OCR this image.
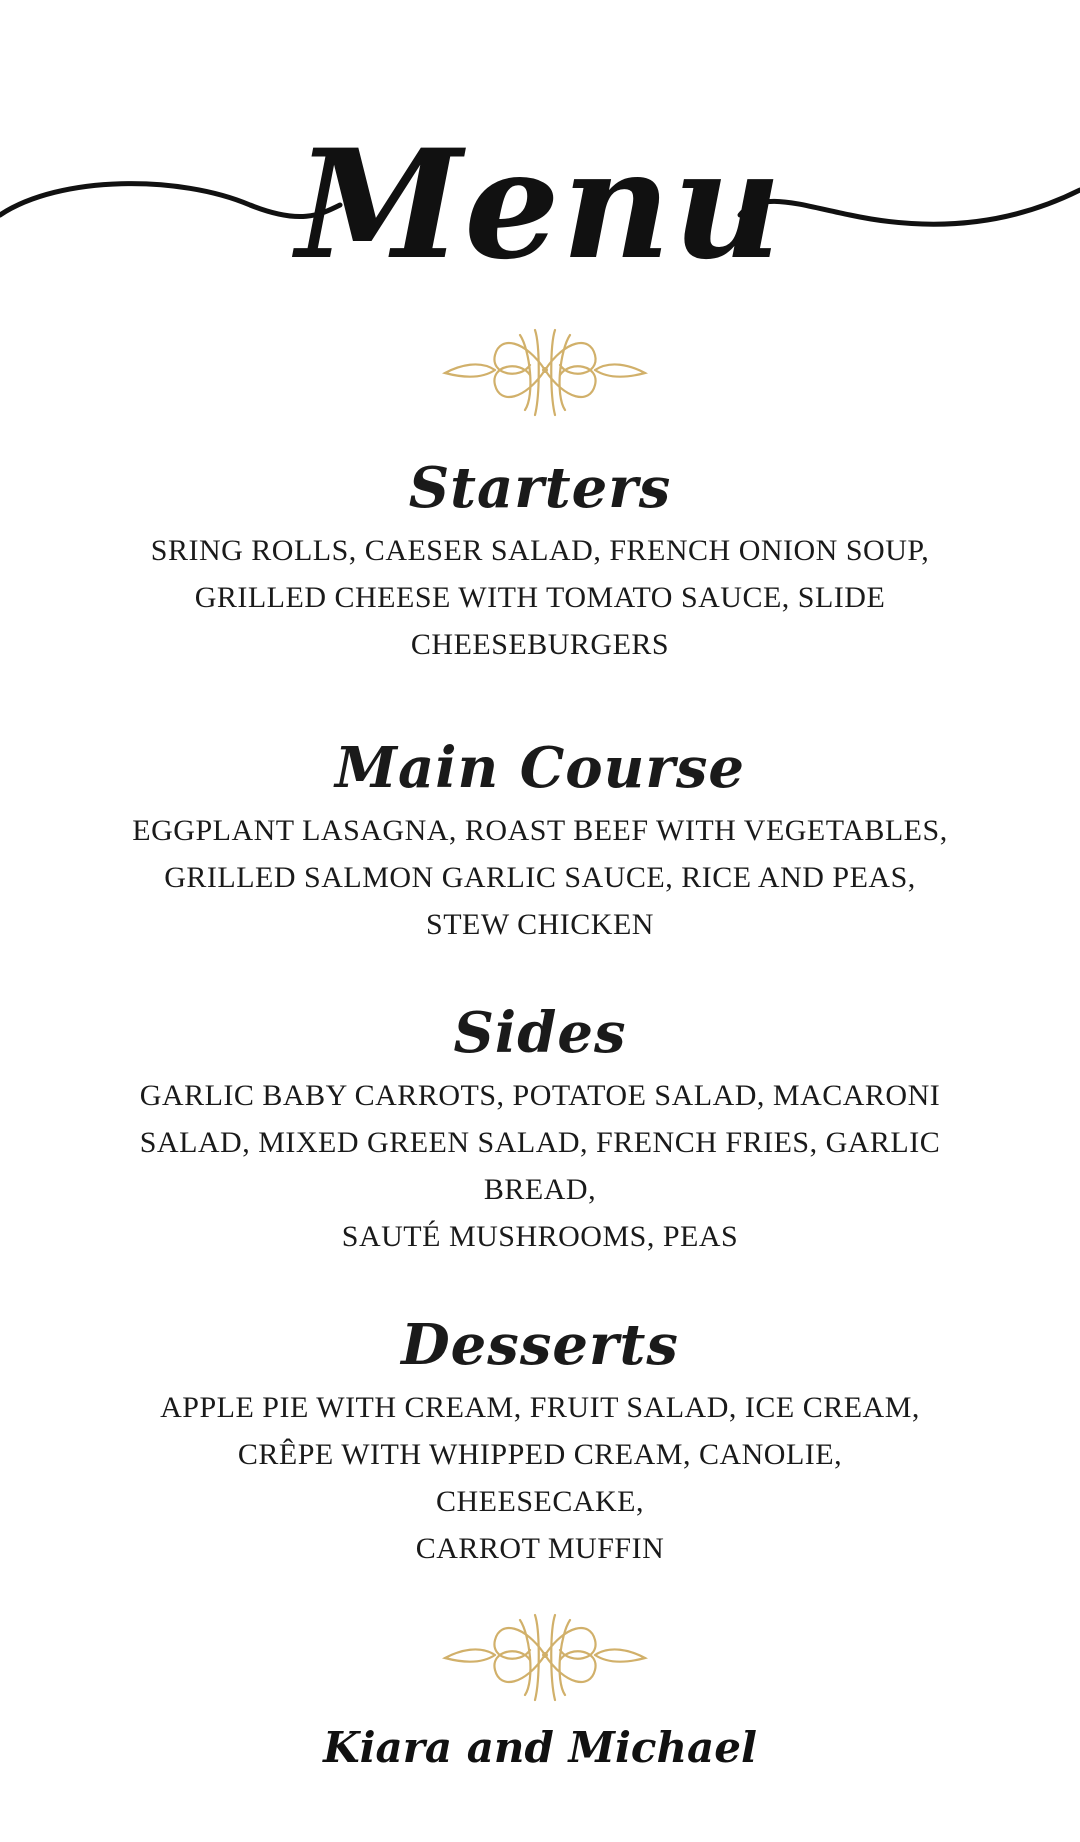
Menu
Starters
SRING ROLLS, CAESER SALAD, FRENCH ONION SOUP,
GRILLED CHEESE WITH TOMATO SAUCE, SLIDE
CHEESEBURGERS
Main Course
EGGPLANT LASAGNA, ROAST BEEF WITH VEGETABLES,
GRILLED SALMON GARLIC SAUCE, RICE AND PEAS,
STEW CHICKEN
Sides
GARLIC BABY CARROTS, POTATOE SALAD, MACARONI
SALAD, MIXED GREEN SALAD, FRENCH FRIES, GARLIC
BREAD,
SAUTÉ MUSHROOMS, PEAS
Desserts
APPLE PIE WITH CREAM, FRUIT SALAD, ICE CREAM,
CRÊPE WITH WHIPPED CREAM, CANOLIE,
CHEESECAKE,
CARROT MUFFIN
Kiara and Michael
